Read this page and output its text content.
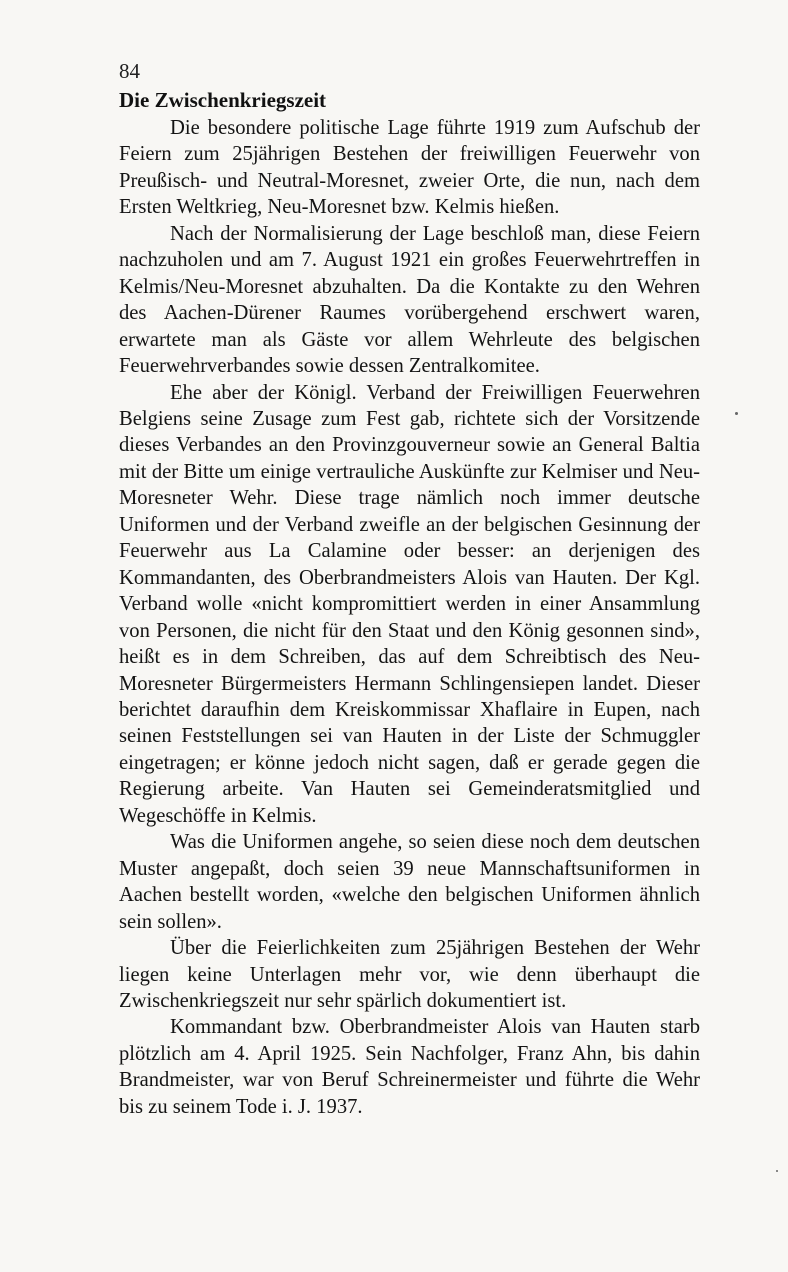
84
Die Zwischenkriegszeit

Die besondere politische Lage führte 1919 zum Aufschub der Feiern zum 25jährigen Bestehen der freiwilligen Feuerwehr von Preußisch- und Neutral-Moresnet, zweier Orte, die nun, nach dem Ersten Weltkrieg, Neu-Moresnet bzw. Kelmis hießen.

Nach der Normalisierung der Lage beschloß man, diese Feiern nachzuholen und am 7. August 1921 ein großes Feuerwehrtreffen in Kelmis/Neu-Moresnet abzuhalten. Da die Kontakte zu den Wehren des Aachen-Dürener Raumes vorübergehend erschwert waren, erwartete man als Gäste vor allem Wehrleute des belgischen Feuerwehrverbandes sowie dessen Zentralkomitee.

Ehe aber der Königl. Verband der Freiwilligen Feuerwehren Belgiens seine Zusage zum Fest gab, richtete sich der Vorsitzende dieses Verbandes an den Provinzgouverneur sowie an General Baltia mit der Bitte um einige vertrauliche Auskünfte zur Kelmiser und Neu-Moresneter Wehr. Diese trage nämlich noch immer deutsche Uniformen und der Verband zweifle an der belgischen Gesinnung der Feuerwehr aus La Calamine oder besser: an derjenigen des Kommandanten, des Oberbrandmeisters Alois van Hauten. Der Kgl. Verband wolle «nicht kompromittiert werden in einer Ansammlung von Personen, die nicht für den Staat und den König gesonnen sind», heißt es in dem Schreiben, das auf dem Schreibtisch des Neu-Moresneter Bürgermeisters Hermann Schlingensiepen landet. Dieser berichtet daraufhin dem Kreiskommissar Xhaflaire in Eupen, nach seinen Feststellungen sei van Hauten in der Liste der Schmuggler eingetragen; er könne jedoch nicht sagen, daß er gerade gegen die Regierung arbeite. Van Hauten sei Gemeinderatsmitglied und Wegeschöffe in Kelmis.

Was die Uniformen angehe, so seien diese noch dem deutschen Muster angepaßt, doch seien 39 neue Mannschaftsuniformen in Aachen bestellt worden, «welche den belgischen Uniformen ähnlich sein sollen».

Über die Feierlichkeiten zum 25jährigen Bestehen der Wehr liegen keine Unterlagen mehr vor, wie denn überhaupt die Zwischenkriegszeit nur sehr spärlich dokumentiert ist.

Kommandant bzw. Oberbrandmeister Alois van Hauten starb plötzlich am 4. April 1925. Sein Nachfolger, Franz Ahn, bis dahin Brandmeister, war von Beruf Schreinermeister und führte die Wehr bis zu seinem Tode i. J. 1937.
